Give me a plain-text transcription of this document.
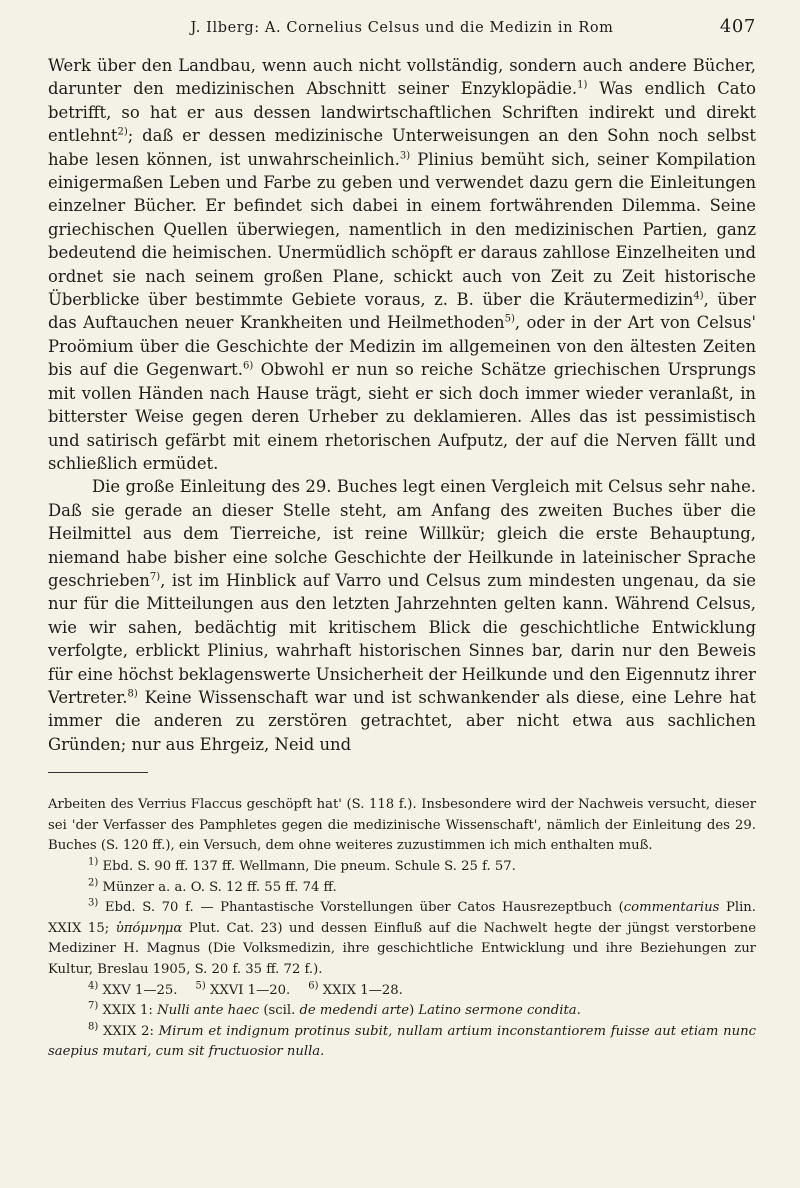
J. Ilberg: A. Cornelius Celsus und die Medizin in Rom	407

Werk über den Landbau, wenn auch nicht vollständig, sondern auch andere Bücher, darunter den medizinischen Abschnitt seiner Enzyklopädie.$^{1)}$ Was endlich Cato betrifft, so hat er aus dessen landwirtschaftlichen Schriften indirekt und direkt entlehnt$^{2)}$; daß er dessen medizinische Unterweisungen an den Sohn noch selbst habe lesen können, ist unwahrscheinlich.$^{3)}$ Plinius bemüht sich, seiner Kompilation einigermaßen Leben und Farbe zu geben und verwendet dazu gern die Einleitungen einzelner Bücher. Er befindet sich dabei in einem fortwährenden Dilemma. Seine griechischen Quellen überwiegen, namentlich in den medizinischen Partien, ganz bedeutend die heimischen. Unermüdlich schöpft er daraus zahllose Einzelheiten und ordnet sie nach seinem großen Plane, schickt auch von Zeit zu Zeit historische Überblicke über bestimmte Gebiete voraus, z. B. über die Kräutermedizin$^{4)}$, über das Auftauchen neuer Krankheiten und Heilmethoden$^{5)}$, oder in der Art von Celsus' Proömium über die Geschichte der Medizin im allgemeinen von den ältesten Zeiten bis auf die Gegenwart.$^{6)}$ Obwohl er nun so reiche Schätze griechischen Ursprungs mit vollen Händen nach Hause trägt, sieht er sich doch immer wieder veranlaßt, in bitterster Weise gegen deren Urheber zu deklamieren. Alles das ist pessimistisch und satirisch gefärbt mit einem rhetorischen Aufputz, der auf die Nerven fällt und schließlich ermüdet.

Die große Einleitung des 29. Buches legt einen Vergleich mit Celsus sehr nahe. Daß sie gerade an dieser Stelle steht, am Anfang des zweiten Buches über die Heilmittel aus dem Tierreiche, ist reine Willkür; gleich die erste Behauptung, niemand habe bisher eine solche Geschichte der Heilkunde in lateinischer Sprache geschrieben$^{7)}$, ist im Hinblick auf Varro und Celsus zum mindesten ungenau, da sie nur für die Mitteilungen aus den letzten Jahrzehnten gelten kann. Während Celsus, wie wir sahen, bedächtig mit kritischem Blick die geschichtliche Entwicklung verfolgte, erblickt Plinius, wahrhaft historischen Sinnes bar, darin nur den Beweis für eine höchst beklagenswerte Unsicherheit der Heilkunde und den Eigennutz ihrer Vertreter.$^{8)}$ Keine Wissenschaft war und ist schwankender als diese, eine Lehre hat immer die anderen zu zerstören getrachtet, aber nicht etwa aus sachlichen Gründen; nur aus Ehrgeiz, Neid und

Arbeiten des Verrius Flaccus geschöpft hat' (S. 118 f.). Insbesondere wird der Nachweis versucht, dieser sei 'der Verfasser des Pamphletes gegen die medizinische Wissenschaft', nämlich der Einleitung des 29. Buches (S. 120 ff.), ein Versuch, dem ohne weiteres zuzustimmen ich mich enthalten muß.

$^{1)}$ Ebd. S. 90 ff. 137 ff. Wellmann, Die pneum. Schule S. 25 f. 57.

$^{2)}$ Münzer a. a. O. S. 12 ff. 55 ff. 74 ff.

$^{3)}$ Ebd. S. 70 f. — Phantastische Vorstellungen über Catos Hausrezeptbuch (commentarius Plin. XXIX 15; ὑπόμνημα Plut. Cat. 23) und dessen Einfluß auf die Nachwelt hegte der jüngst verstorbene Mediziner H. Magnus (Die Volksmedizin, ihre geschichtliche Entwicklung und ihre Beziehungen zur Kultur, Breslau 1905, S. 20 f. 35 ff. 72 f.).

$^{4)}$ XXV 1—25. $^{5)}$ XXVI 1—20. $^{6)}$ XXIX 1—28.

$^{7)}$ XXIX 1: Nulli ante haec (scil. de medendi arte) Latino sermone condita.

$^{8)}$ XXIX 2: Mirum et indignum protinus subit, nullam artium inconstantiorem fuisse aut etiam nunc saepius mutari, cum sit fructuosior nulla.
